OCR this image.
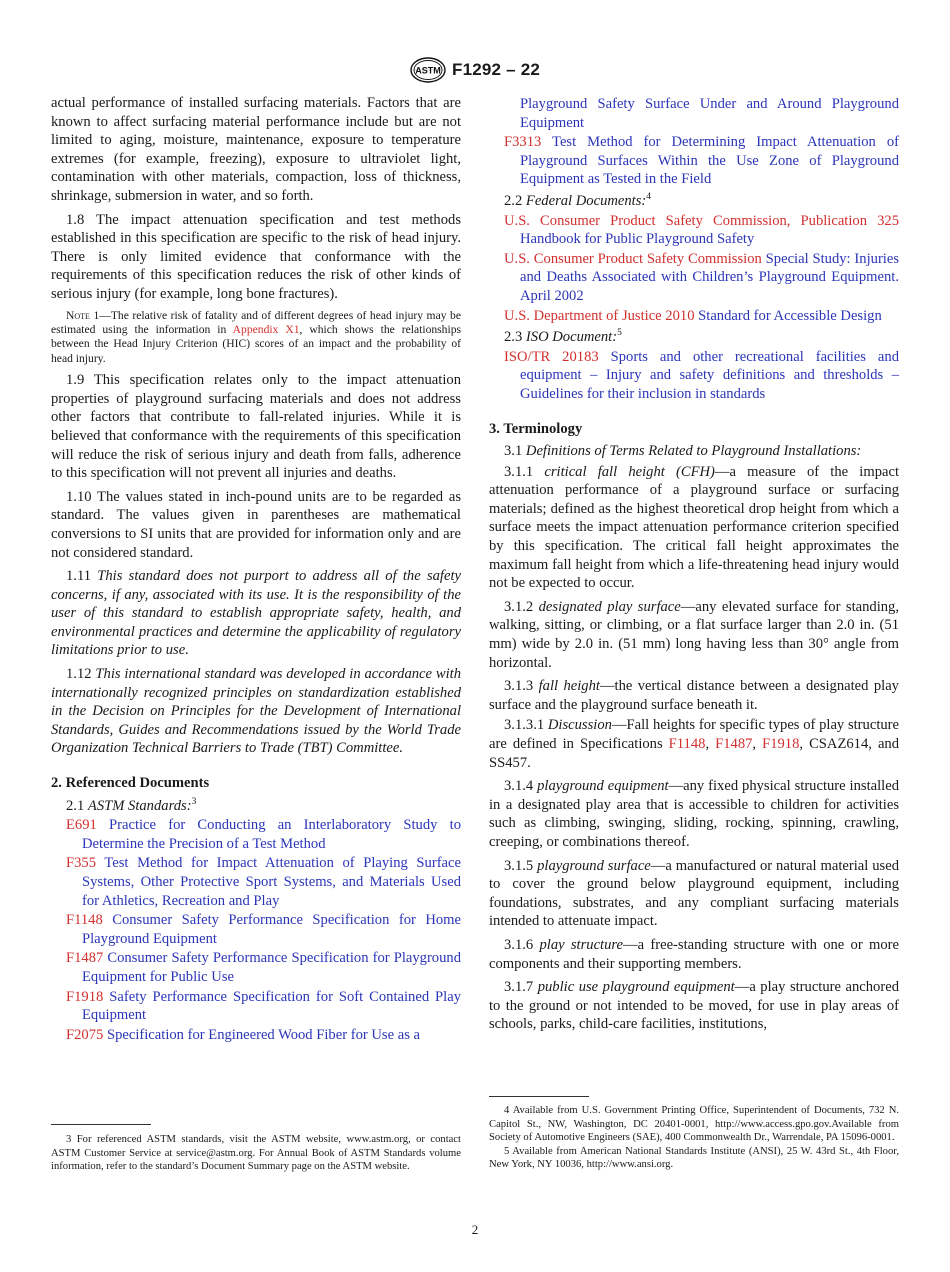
ASTM F1292 – 22

actual performance of installed surfacing materials. Factors that are known to affect surfacing material performance include but are not limited to aging, moisture, maintenance, exposure to temperature extremes (for example, freezing), exposure to ultraviolet light, contamination with other materials, compaction, loss of thickness, shrinkage, submersion in water, and so forth.

1.8 The impact attenuation specification and test methods established in this specification are specific to the risk of head injury. There is only limited evidence that conformance with the requirements of this specification reduces the risk of other kinds of serious injury (for example, long bone fractures).

Note 1—The relative risk of fatality and of different degrees of head injury may be estimated using the information in Appendix X1, which shows the relationships between the Head Injury Criterion (HIC) scores of an impact and the probability of head injury.

1.9 This specification relates only to the impact attenuation properties of playground surfacing materials and does not address other factors that contribute to fall-related injuries. While it is believed that conformance with the requirements of this specification will reduce the risk of serious injury and death from falls, adherence to this specification will not prevent all injuries and deaths.

1.10 The values stated in inch-pound units are to be regarded as standard. The values given in parentheses are mathematical conversions to SI units that are provided for information only and are not considered standard.

1.11 This standard does not purport to address all of the safety concerns, if any, associated with its use. It is the responsibility of the user of this standard to establish appropriate safety, health, and environmental practices and determine the applicability of regulatory limitations prior to use.

1.12 This international standard was developed in accordance with internationally recognized principles on standardization established in the Decision on Principles for the Development of International Standards, Guides and Recommendations issued by the World Trade Organization Technical Barriers to Trade (TBT) Committee.

2. Referenced Documents

2.1 ASTM Standards:$^3$

E691 Practice for Conducting an Interlaboratory Study to Determine the Precision of a Test Method

F355 Test Method for Impact Attenuation of Playing Surface Systems, Other Protective Sport Systems, and Materials Used for Athletics, Recreation and Play

F1148 Consumer Safety Performance Specification for Home Playground Equipment

F1487 Consumer Safety Performance Specification for Playground Equipment for Public Use

F1918 Safety Performance Specification for Soft Contained Play Equipment

F2075 Specification for Engineered Wood Fiber for Use as a

3 For referenced ASTM standards, visit the ASTM website, www.astm.org, or contact ASTM Customer Service at service@astm.org. For Annual Book of ASTM Standards volume information, refer to the standard’s Document Summary page on the ASTM website.

Playground Safety Surface Under and Around Playground Equipment

F3313 Test Method for Determining Impact Attenuation of Playground Surfaces Within the Use Zone of Playground Equipment as Tested in the Field

2.2 Federal Documents:$^4$

U.S. Consumer Product Safety Commission, Publication 325 Handbook for Public Playground Safety

U.S. Consumer Product Safety Commission Special Study: Injuries and Deaths Associated with Children’s Playground Equipment. April 2002

U.S. Department of Justice 2010 Standard for Accessible Design

2.3 ISO Document:$^5$

ISO/TR 20183 Sports and other recreational facilities and equipment – Injury and safety definitions and thresholds – Guidelines for their inclusion in standards

3. Terminology

3.1 Definitions of Terms Related to Playground Installations:

3.1.1 critical fall height (CFH)—a measure of the impact attenuation performance of a playground surface or surfacing materials; defined as the highest theoretical drop height from which a surface meets the impact attenuation performance criterion specified by this specification. The critical fall height approximates the maximum fall height from which a life-threatening head injury would not be expected to occur.

3.1.2 designated play surface—any elevated surface for standing, walking, sitting, or climbing, or a flat surface larger than 2.0 in. (51 mm) wide by 2.0 in. (51 mm) long having less than 30° angle from horizontal.

3.1.3 fall height—the vertical distance between a designated play surface and the playground surface beneath it.

3.1.3.1 Discussion—Fall heights for specific types of play structure are defined in Specifications F1148, F1487, F1918, CSAZ614, and SS457.

3.1.4 playground equipment—any fixed physical structure installed in a designated play area that is accessible to children for activities such as climbing, swinging, sliding, rocking, spinning, crawling, creeping, or combinations thereof.

3.1.5 playground surface—a manufactured or natural material used to cover the ground below playground equipment, including foundations, substrates, and any compliant surfacing materials intended to attenuate impact.

3.1.6 play structure—a free-standing structure with one or more components and their supporting members.

3.1.7 public use playground equipment—a play structure anchored to the ground or not intended to be moved, for use in play areas of schools, parks, child-care facilities, institutions,

4 Available from U.S. Government Printing Office, Superintendent of Documents, 732 N. Capitol St., NW, Washington, DC 20401-0001, http://www.access.gpo.gov.Available from Society of Automotive Engineers (SAE), 400 Commonwealth Dr., Warrendale, PA 15096-0001.

5 Available from American National Standards Institute (ANSI), 25 W. 43rd St., 4th Floor, New York, NY 10036, http://www.ansi.org.

2
